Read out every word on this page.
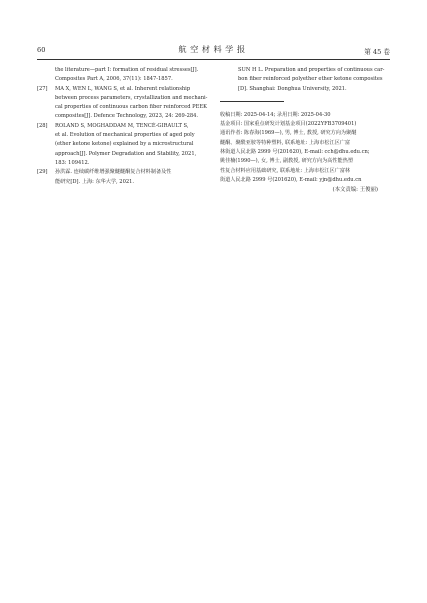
60	航空材料学报	第 45 卷
the literature—part Ⅰ: formation of residual stresses[J].
Composites Part A, 2006, 37(11): 1847-1857.
[27] MA X, WEN L, WANG S, et al. Inherent relationship
between process parameters, crystallization and mechani-
cal properties of continuous carbon fiber reinforced PEEK
composites[J]. Defence Technology, 2023, 24: 269-284.
[28] ROLAND S, MOGHADDAM M, TENCÉ-GIRAULT S,
et al. Evolution of mechanical properties of aged poly
(ether ketone ketone) explained by a microstructural
approach[J]. Polymer Degradation and Stability, 2021,
183: 109412.
[29] 孙洪霖. 连续碳纤维增强聚醚醚酮复合材料制备及性
能研究[D]. 上海: 东华大学, 2021.
SUN H L. Preparation and properties of continuous car-
bon fiber reinforced polyether ether ketone composites
[D]. Shanghai: Donghua University, 2021.
收稿日期: 2025-04-14; 录用日期: 2025-04-30
基金项目: 国家重点研发计划基金项目(2022YFB3709401)
通讯作者: 陈春海(1969—), 男, 博士, 教授, 研究方向为聚醚
醚酮、聚酰亚胺等特种塑料, 联系地址: 上海市松江区广富
林街道人民北路 2999 号(201620), E-mail: cch@dhu.edu.cn;
姚佳楠(1990—), 女, 博士, 副教授, 研究方向为高性能热塑
性复合材料应用基础研究, 联系地址: 上海市松江区广富林
街道人民北路 2999 号(201620), E-mail: yjn@dhu.edu.cn
(本文责编: 王俊丽)
